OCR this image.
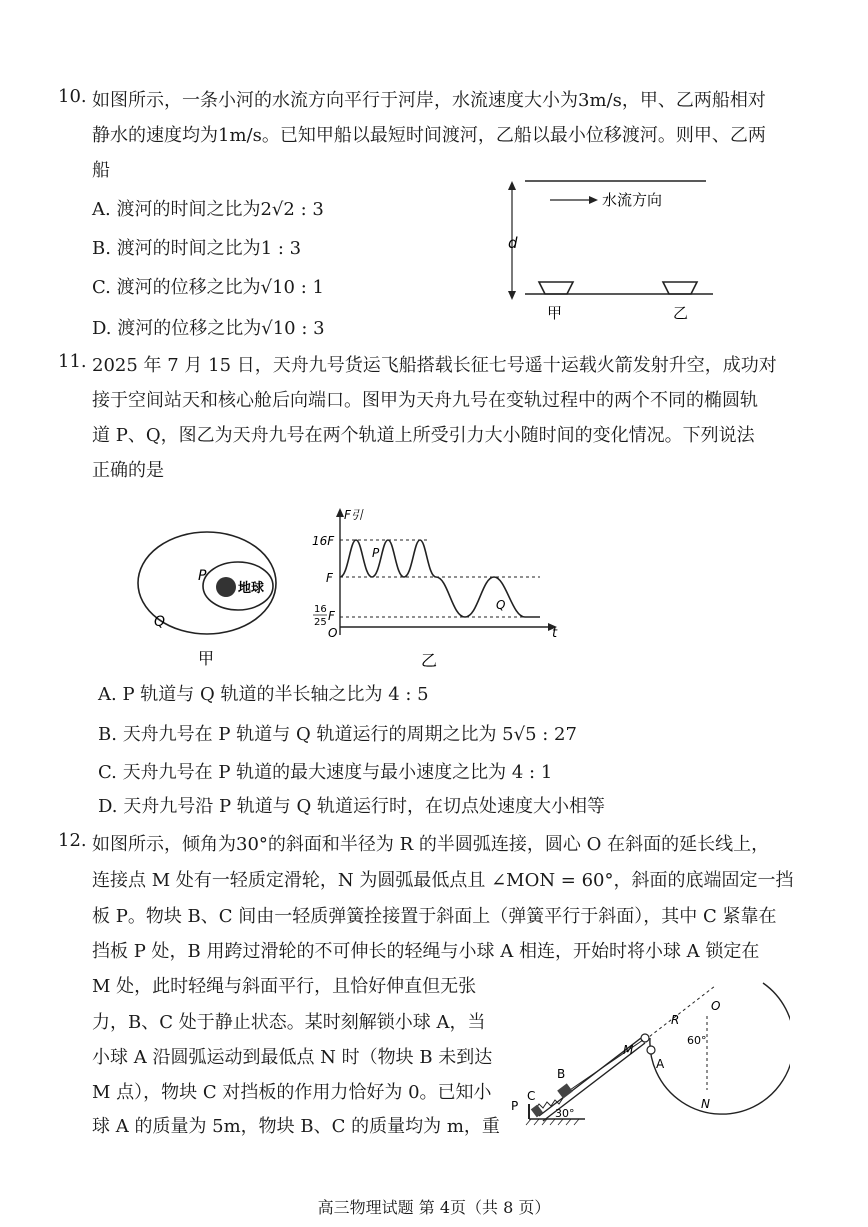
10. 如图所示，一条小河的水流方向平行于河岸，水流速度大小为3m/s，甲、乙两船相对
静水的速度均为1m/s。已知甲船以最短时间渡河，乙船以最小位移渡河。则甲、乙两
船
A. 渡河的时间之比为2√2 : 3
B. 渡河的时间之比为1 : 3
C. 渡河的位移之比为√10 : 1
D. 渡河的位移之比为√10 : 3
d
水流方向
甲	乙
11. 2025 年 7 月 15 日，天舟九号货运飞船搭载长征七号遥十运载火箭发射升空，成功对
接于空间站天和核心舱后向端口。图甲为天舟九号在变轨过程中的两个不同的椭圆轨
道 P、Q，图乙为天舟九号在两个轨道上所受引力大小随时间的变化情况。下列说法
正确的是
地球
P
Q
甲
F引
t
O
16F
F
16
25 F
P
Q
乙
A. P 轨道与 Q 轨道的半长轴之比为 4 : 5
B. 天舟九号在 P 轨道与 Q 轨道运行的周期之比为 5√5 : 27
C. 天舟九号在 P 轨道的最大速度与最小速度之比为 4 : 1
D. 天舟九号沿 P 轨道与 Q 轨道运行时，在切点处速度大小相等
12. 如图所示，倾角为30°的斜面和半径为 R 的半圆弧连接，圆心 O 在斜面的延长线上，
连接点 M 处有一轻质定滑轮，N 为圆弧最低点且 ∠MON = 60°，斜面的底端固定一挡
板 P。物块 B、C 间由一轻质弹簧拴接置于斜面上（弹簧平行于斜面），其中 C 紧靠在
挡板 P 处，B 用跨过滑轮的不可伸长的轻绳与小球 A 相连，开始时将小球 A 锁定在
M 处，此时轻绳与斜面平行，且恰好伸直但无张
力，B、C 处于静止状态。某时刻解锁小球 A，当
小球 A 沿圆弧运动到最低点 N 时（物块 B 未到达
M 点），物块 C 对挡板的作用力恰好为 0。已知小
球 A 的质量为 5m，物块 B、C 的质量均为 m，重
R
O
60°
M
A
B
C
P	N
30°
高三物理试题 第 4页（共 8 页）
